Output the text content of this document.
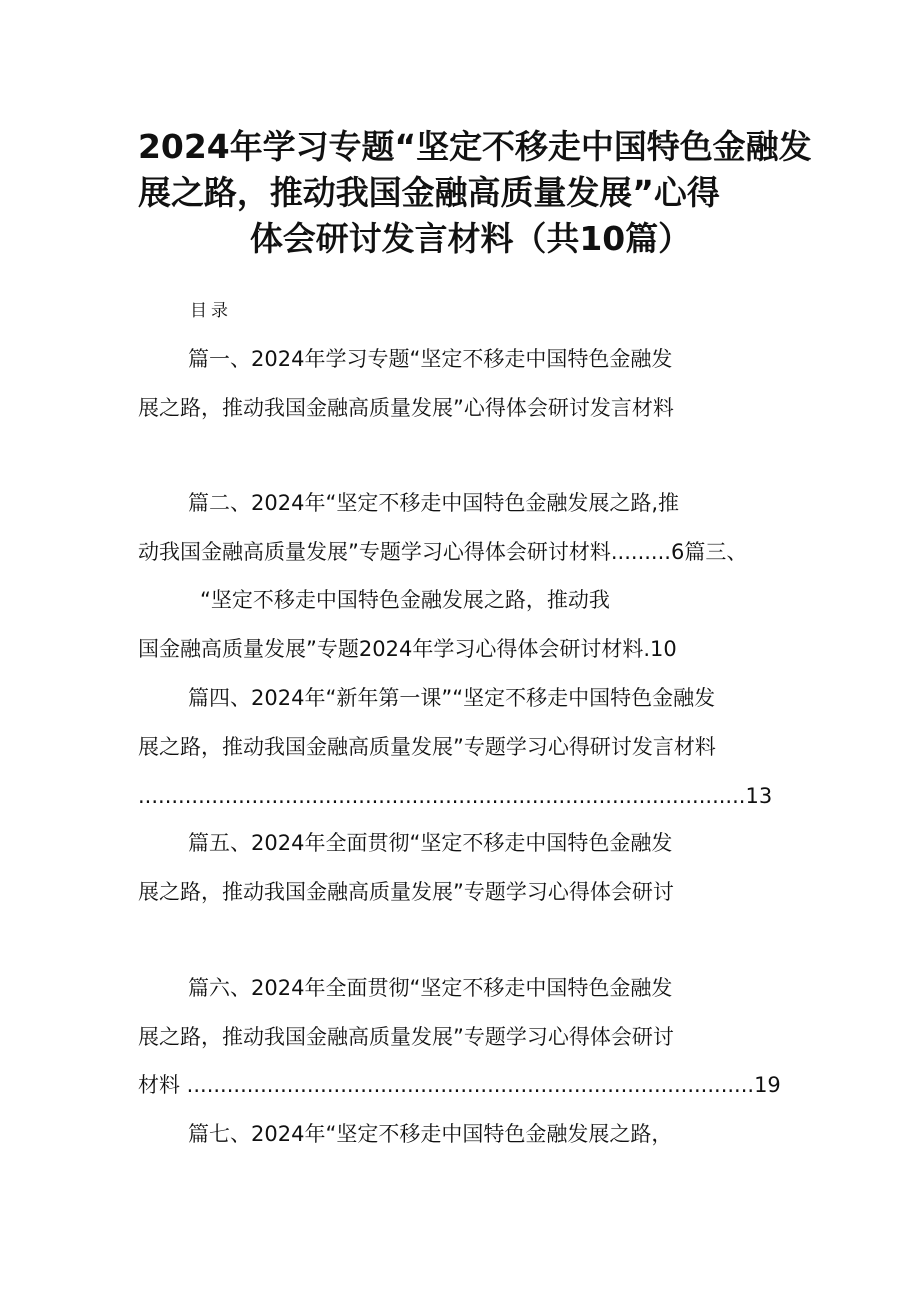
2024年学习专题“坚定不移走中国特色金融发 展之路，推动我国金融高质量发展”心得 体会研讨发言材料（共10篇）
目录
篇一、2024年学习专题“坚定不移走中国特色金融发
展之路，推动我国金融高质量发展”心得体会研讨发言材料
篇二、2024年“坚定不移走中国特色金融发展之路,推
动我国金融高质量发展”专题学习心得体会研讨材料.........6篇三、
“坚定不移走中国特色金融发展之路，推动我
国金融高质量发展”专题2024年学习心得体会研讨材料.10
篇四、2024年“新年第一课”“坚定不移走中国特色金融发
展之路，推动我国金融高质量发展”专题学习心得研讨发言材料
...........................................................................................13
篇五、2024年全面贯彻“坚定不移走中国特色金融发
展之路，推动我国金融高质量发展”专题学习心得体会研讨
篇六、2024年全面贯彻“坚定不移走中国特色金融发
展之路，推动我国金融高质量发展”专题学习心得体会研讨
材料 .....................................................................................19
篇七、2024年“坚定不移走中国特色金融发展之路，
